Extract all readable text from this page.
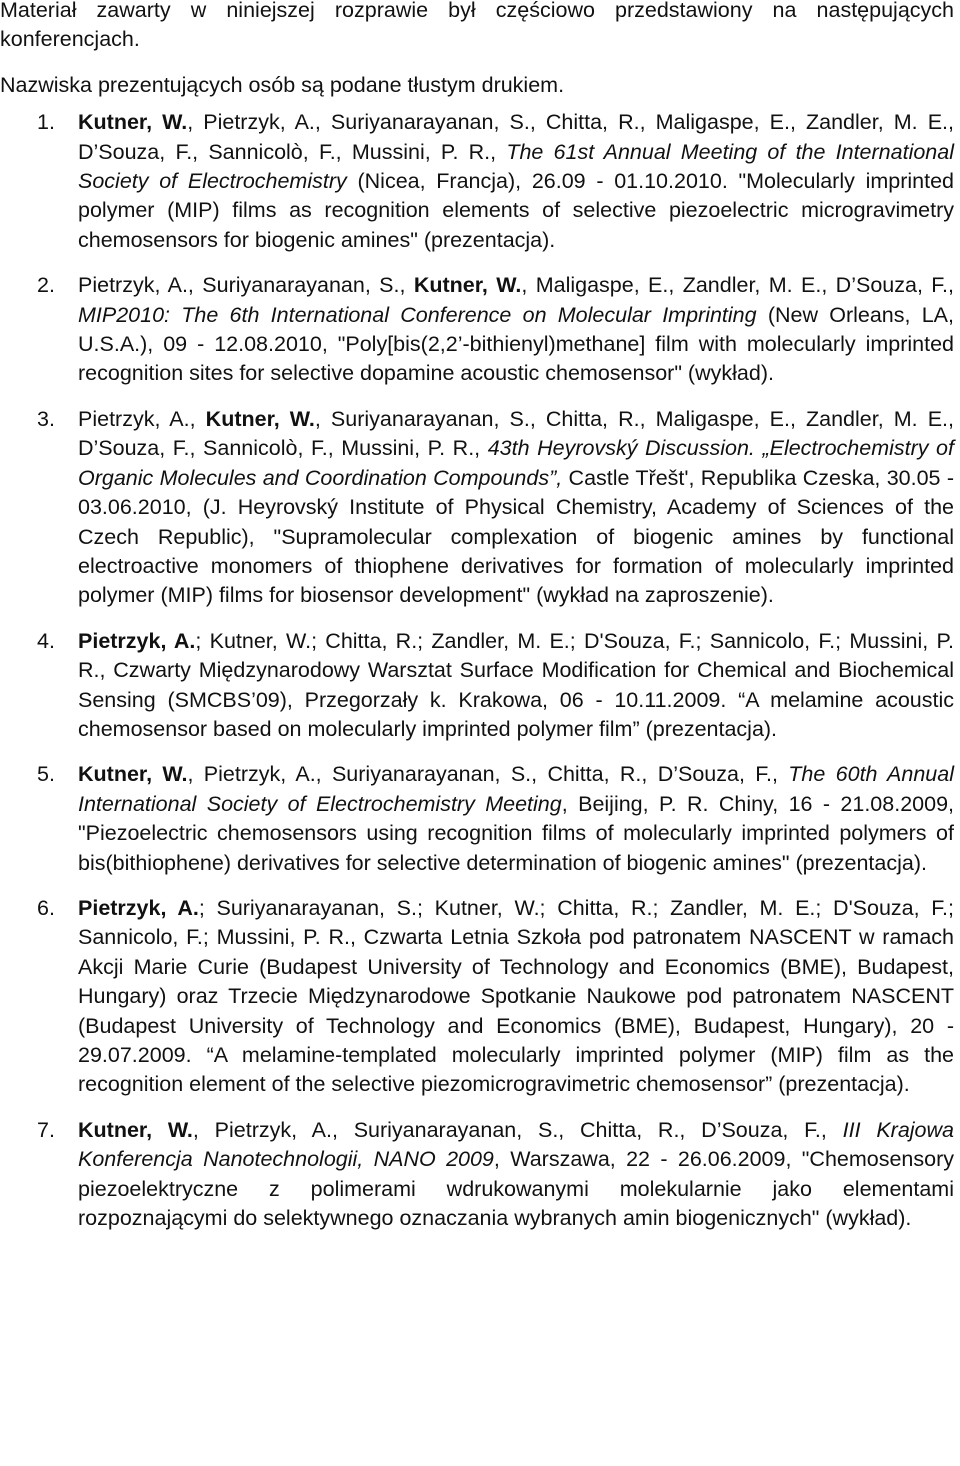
Materiał zawarty w niniejszej rozprawie był częściowo przedstawiony na następujących konferencjach.

Nazwiska prezentujących osób są podane tłustym drukiem.

1. Kutner, W., Pietrzyk, A., Suriyanarayanan, S., Chitta, R., Maligaspe, E., Zandler, M. E., D’Souza, F., Sannicolò, F., Mussini, P. R., The 61st Annual Meeting of the International Society of Electrochemistry (Nicea, Francja), 26.09 - 01.10.2010. "Molecularly imprinted polymer (MIP) films as recognition elements of selective piezoelectric microgravimetry chemosensors for biogenic amines" (prezentacja).
2. Pietrzyk, A., Suriyanarayanan, S., Kutner, W., Maligaspe, E., Zandler, M. E., D’Souza, F., MIP2010: The 6th International Conference on Molecular Imprinting (New Orleans, LA, U.S.A.), 09 - 12.08.2010, "Poly[bis(2,2’-bithienyl)methane] film with molecularly imprinted recognition sites for selective dopamine acoustic chemosensor" (wykład).
3. Pietrzyk, A., Kutner, W., Suriyanarayanan, S., Chitta, R., Maligaspe, E., Zandler, M. E., D’Souza, F., Sannicolò, F., Mussini, P. R., 43th Heyrovský Discussion. „Electrochemistry of Organic Molecules and Coordination Compounds”, Castle Třešt', Republika Czeska, 30.05 - 03.06.2010, (J. Heyrovský Institute of Physical Chemistry, Academy of Sciences of the Czech Republic), "Supramolecular complexation of biogenic amines by functional electroactive monomers of thiophene derivatives for formation of molecularly imprinted polymer (MIP) films for biosensor development" (wykład na zaproszenie).
4. Pietrzyk, A.; Kutner, W.; Chitta, R.; Zandler, M. E.; D'Souza, F.; Sannicolo, F.; Mussini, P. R., Czwarty Międzynarodowy Warsztat Surface Modification for Chemical and Biochemical Sensing (SMCBS’09), Przegorzały k. Krakowa, 06 - 10.11.2009. “A melamine acoustic chemosensor based on molecularly imprinted polymer film” (prezentacja).
5. Kutner, W., Pietrzyk, A., Suriyanarayanan, S., Chitta, R., D’Souza, F., The 60th Annual International Society of Electrochemistry Meeting, Beijing, P. R. Chiny, 16 - 21.08.2009, "Piezoelectric chemosensors using recognition films of molecularly imprinted polymers of bis(bithiophene) derivatives for selective determination of biogenic amines" (prezentacja).
6. Pietrzyk, A.; Suriyanarayanan, S.; Kutner, W.; Chitta, R.; Zandler, M. E.; D'Souza, F.; Sannicolo, F.; Mussini, P. R., Czwarta Letnia Szkoła pod patronatem NASCENT w ramach Akcji Marie Curie (Budapest University of Technology and Economics (BME), Budapest, Hungary) oraz Trzecie Międzynarodowe Spotkanie Naukowe pod patronatem NASCENT (Budapest University of Technology and Economics (BME), Budapest, Hungary), 20 - 29.07.2009. “A melamine-templated molecularly imprinted polymer (MIP) film as the recognition element of the selective piezomicrogravimetric chemosensor” (prezentacja).
7. Kutner, W., Pietrzyk, A., Suriyanarayanan, S., Chitta, R., D’Souza, F., III Krajowa Konferencja Nanotechnologii, NANO 2009, Warszawa, 22 - 26.06.2009, "Chemosensory piezoelektryczne z polimerami wdrukowanymi molekularnie jako elementami rozpoznającymi do selektywnego oznaczania wybranych amin biogenicznych" (wykład).
